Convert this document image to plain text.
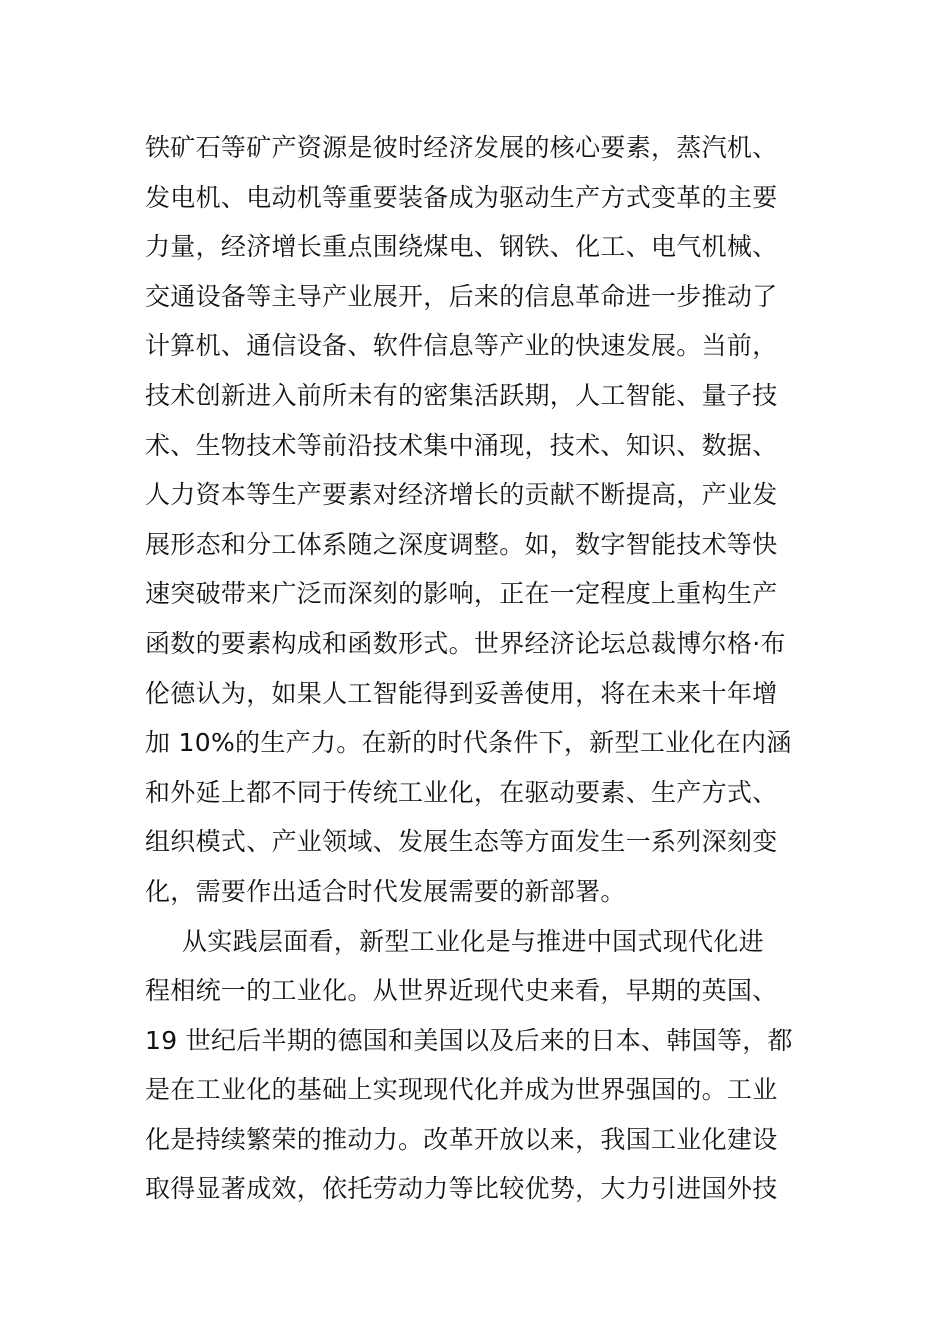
铁矿石等矿产资源是彼时经济发展的核心要素，蒸汽机、
发电机、电动机等重要装备成为驱动生产方式变革的主要
力量，经济增长重点围绕煤电、钢铁、化工、电气机械、
交通设备等主导产业展开，后来的信息革命进一步推动了
计算机、通信设备、软件信息等产业的快速发展。当前，
技术创新进入前所未有的密集活跃期，人工智能、量子技
术、生物技术等前沿技术集中涌现，技术、知识、数据、
人力资本等生产要素对经济增长的贡献不断提高，产业发
展形态和分工体系随之深度调整。如，数字智能技术等快
速突破带来广泛而深刻的影响，正在一定程度上重构生产
函数的要素构成和函数形式。世界经济论坛总裁博尔格·布
伦德认为，如果人工智能得到妥善使用，将在未来十年增
加 10%的生产力。在新的时代条件下，新型工业化在内涵
和外延上都不同于传统工业化，在驱动要素、生产方式、
组织模式、产业领域、发展生态等方面发生一系列深刻变
化，需要作出适合时代发展需要的新部署。
从实践层面看，新型工业化是与推进中国式现代化进
程相统一的工业化。从世界近现代史来看，早期的英国、
19 世纪后半期的德国和美国以及后来的日本、韩国等，都
是在工业化的基础上实现现代化并成为世界强国的。工业
化是持续繁荣的推动力。改革开放以来，我国工业化建设
取得显著成效，依托劳动力等比较优势，大力引进国外技
